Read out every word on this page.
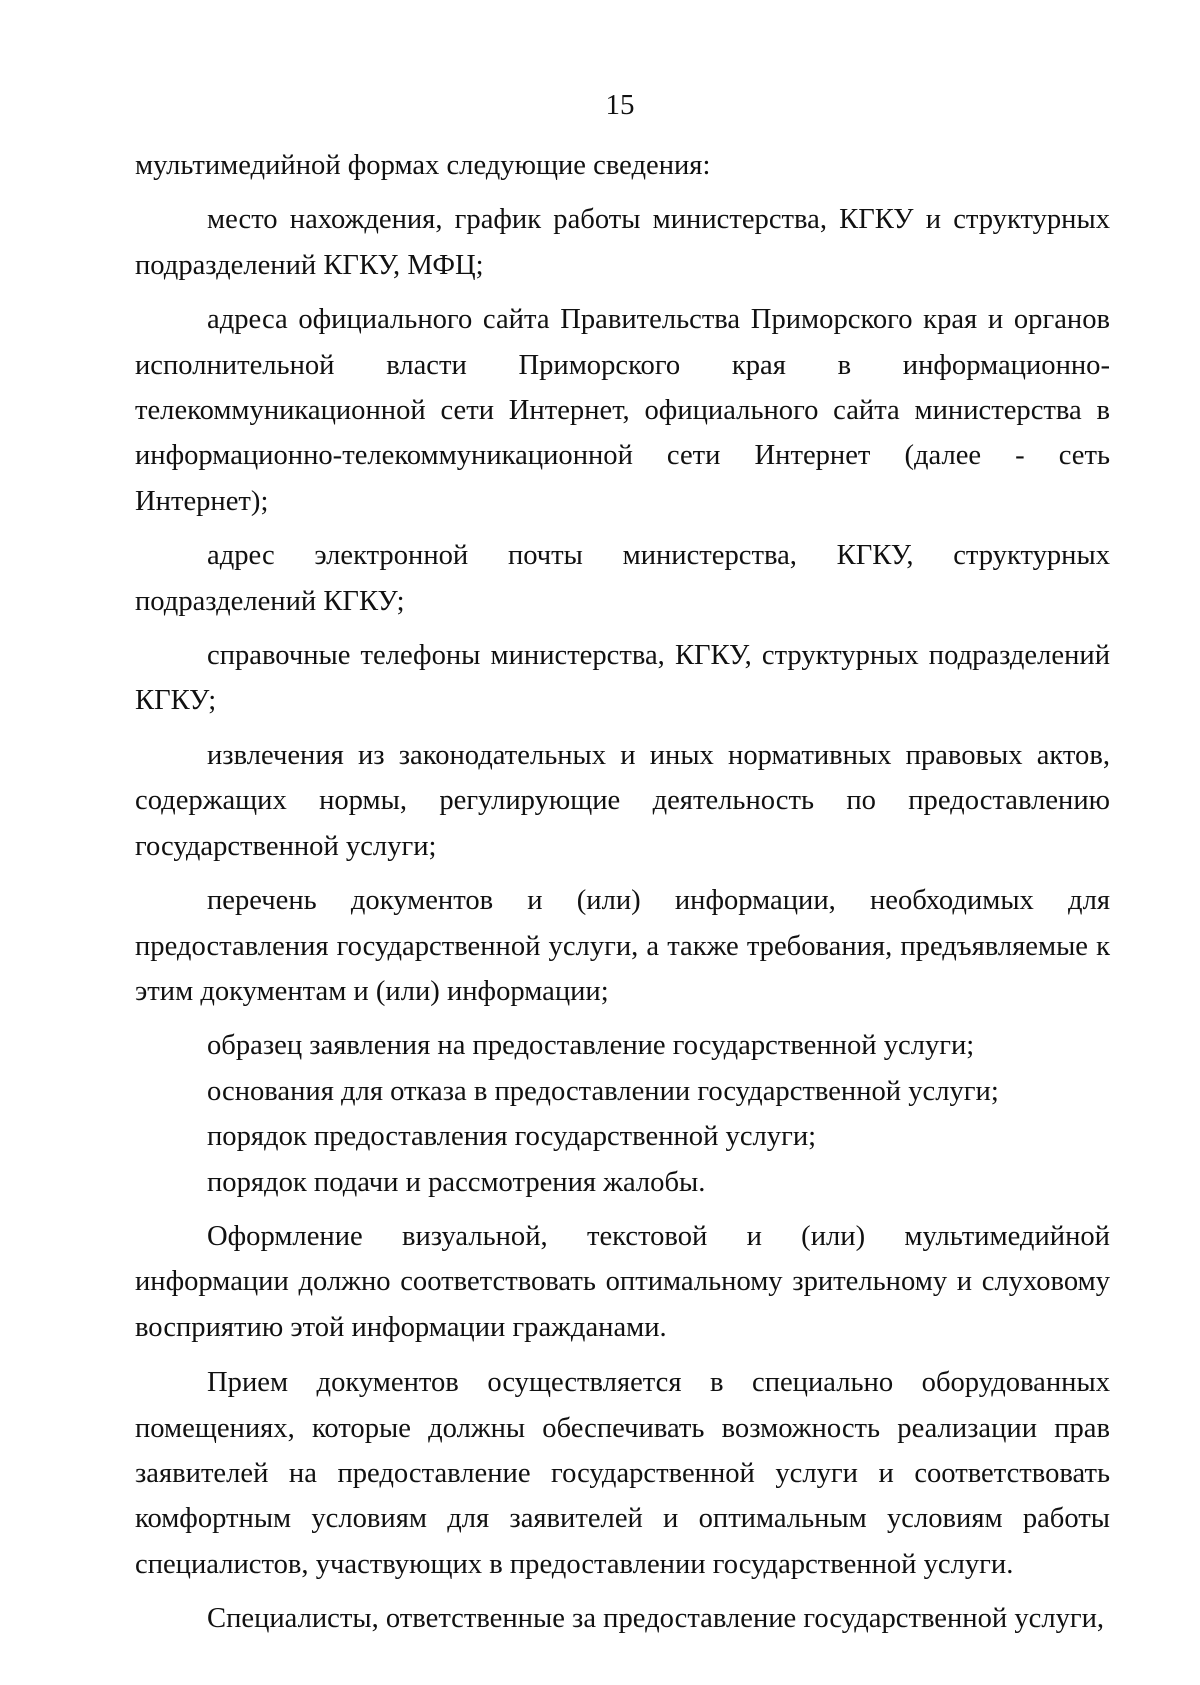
15

мультимедийной формах следующие сведения:

место нахождения, график работы министерства, КГКУ и структурных подразделений КГКУ, МФЦ;

адреса официального сайта Правительства Приморского края и органов исполнительной власти Приморского края в информационно-телекоммуникационной сети Интернет, официального сайта министерства в информационно-телекоммуникационной сети Интернет (далее - сеть Интернет);

адрес электронной почты министерства, КГКУ, структурных подразделений КГКУ;

справочные телефоны министерства, КГКУ, структурных подразделений КГКУ;

извлечения из законодательных и иных нормативных правовых актов, содержащих нормы, регулирующие деятельность по предоставлению государственной услуги;

перечень документов и (или) информации, необходимых для предоставления государственной услуги, а также требования, предъявляемые к этим документам и (или) информации;

образец заявления на предоставление государственной услуги;

основания для отказа в предоставлении государственной услуги;

порядок предоставления государственной услуги;

порядок подачи и рассмотрения жалобы.

Оформление визуальной, текстовой и (или) мультимедийной информации должно соответствовать оптимальному зрительному и слуховому восприятию этой информации гражданами.

Прием документов осуществляется в специально оборудованных помещениях, которые должны обеспечивать возможность реализации прав заявителей на предоставление государственной услуги и соответствовать комфортным условиям для заявителей и оптимальным условиям работы специалистов, участвующих в предоставлении государственной услуги.

Специалисты, ответственные за предоставление государственной услуги,
